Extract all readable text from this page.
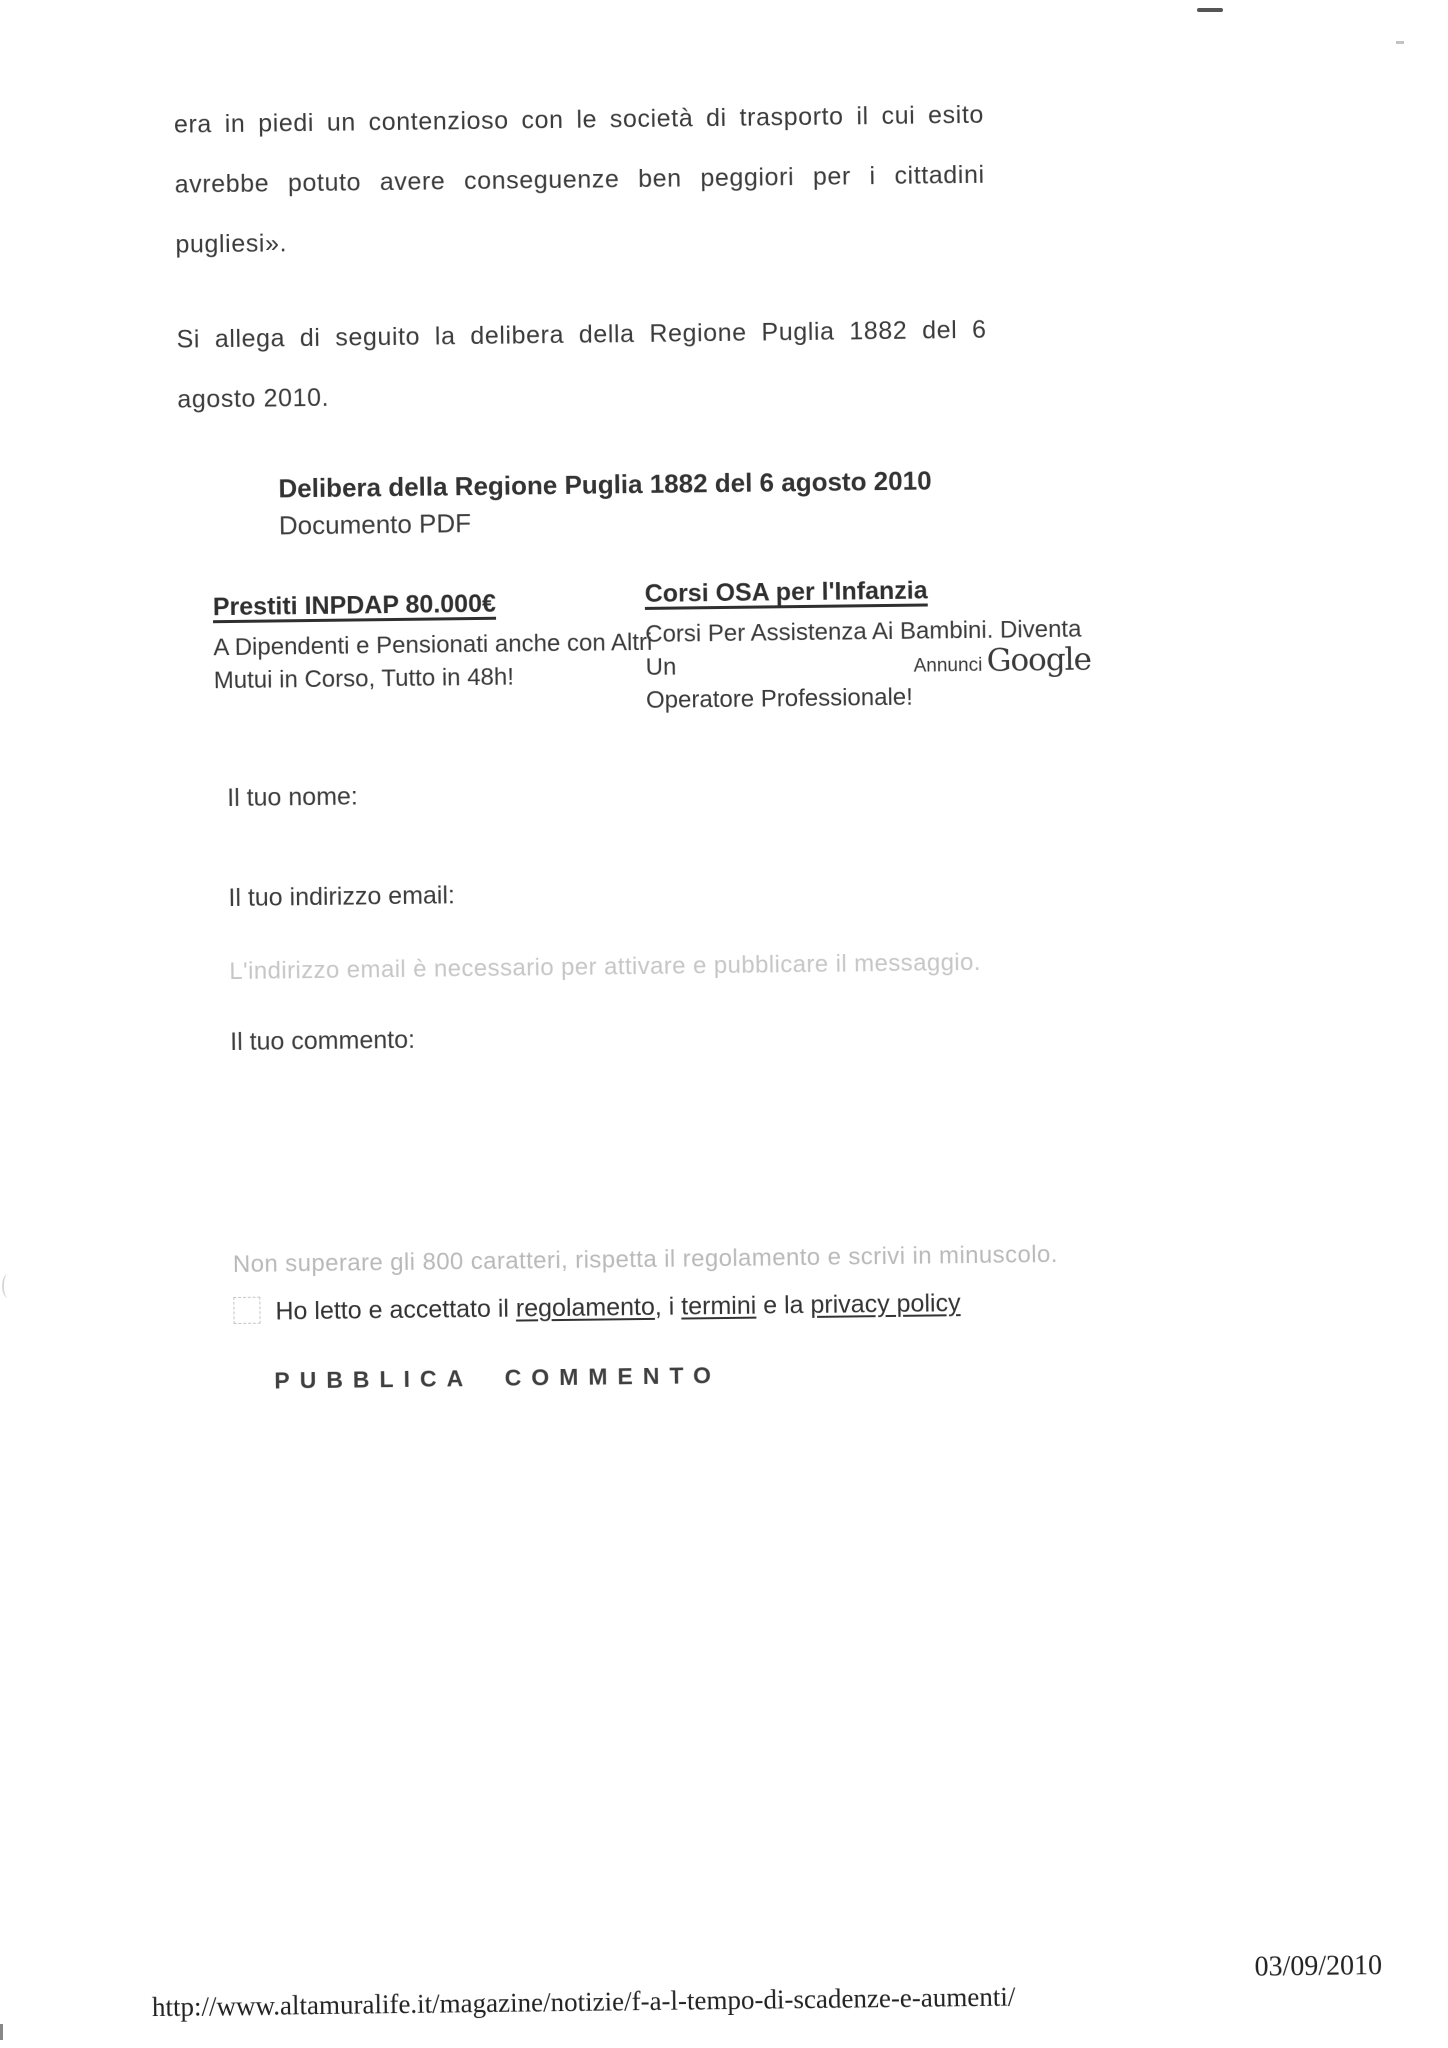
era in piedi un contenzioso con le società di trasporto il cui esito
avrebbe potuto avere conseguenze ben peggiori per i cittadini
pugliesi».
Si allega di seguito la delibera della Regione Puglia 1882 del 6
agosto 2010.
Delibera della Regione Puglia 1882 del 6 agosto 2010
Documento PDF
Prestiti INPDAP 80.000€
A Dipendenti e Pensionati anche con Altri
Mutui in Corso, Tutto in 48h!
Corsi OSA per l'Infanzia
Corsi Per Assistenza Ai Bambini. Diventa Un
Operatore Professionale!
Annunci Google
Il tuo nome:
Il tuo indirizzo email:
L'indirizzo email è necessario per attivare e pubblicare il messaggio.
Il tuo commento:
Non superare gli 800 caratteri, rispetta il regolamento e scrivi in minuscolo.
Ho letto e accettato il regolamento, i termini e la privacy policy
PUBBLICA COMMENTO
http://www.altamuralife.it/magazine/notizie/f-a-l-tempo-di-scadenze-e-aumenti/
03/09/2010
